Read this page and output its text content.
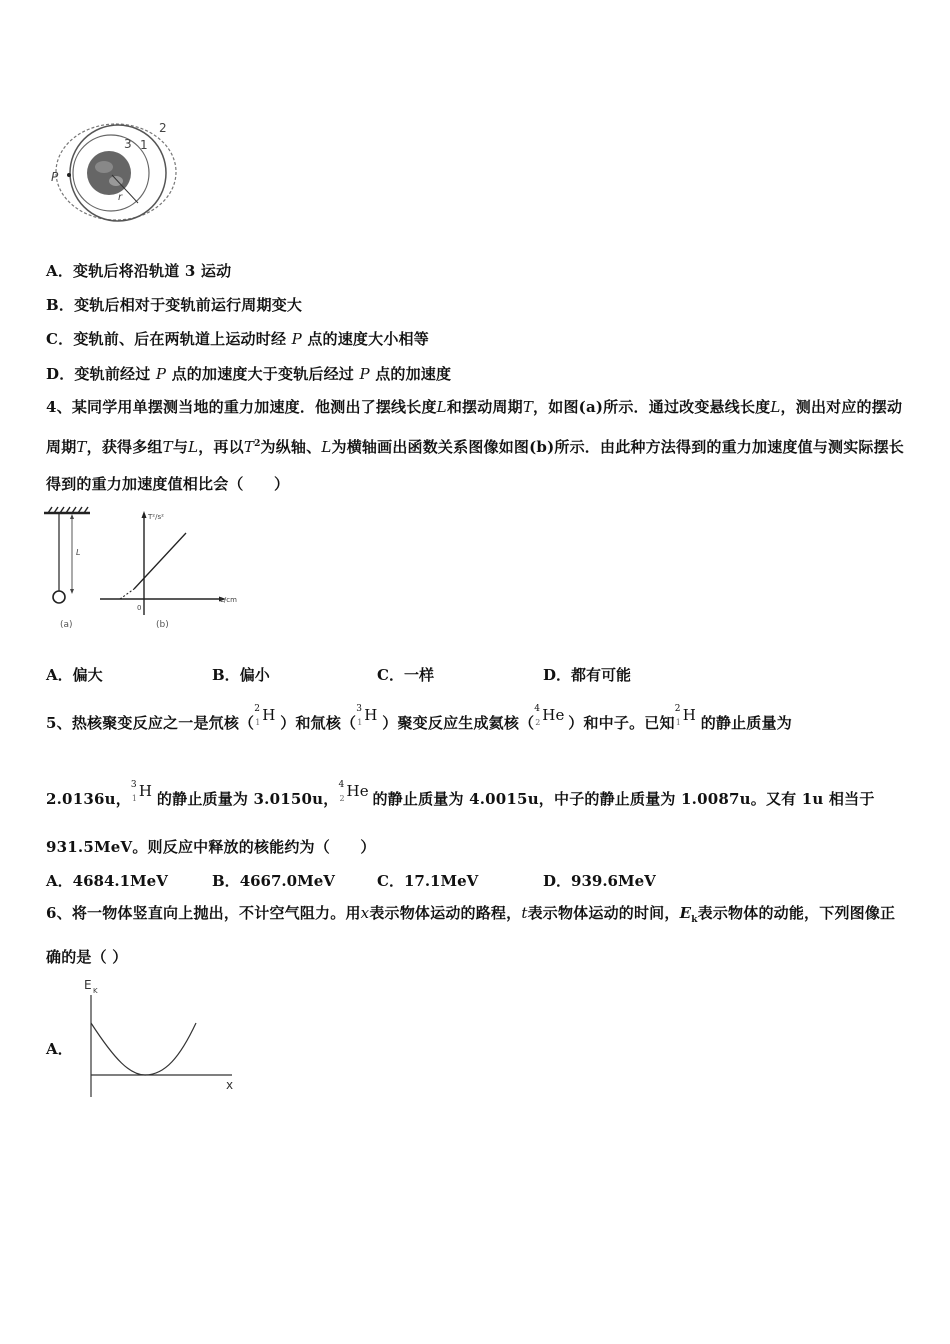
P
1
2
3
r
A．变轨后将沿轨道 3 运动
B．变轨后相对于变轨前运行周期变大
C．变轨前、后在两轨道上运动时经 P 点的速度大小相等
D．变轨前经过 P 点的加速度大于变轨后经过 P 点的加速度
4、某同学用单摆测当地的重力加速度．他测出了摆线长度L和摆动周期T，如图(a)所示．通过改变悬线长度L，测出对应的摆动周期T，获得多组T与L，再以$T^2$为纵轴、L为横轴画出函数关系图像如图(b)所示．由此种方法得到的重力加速度值与测实际摆长得到的重力加速度值相比会（　　）
L
(a)
T²/s²
L/cm
0
(b)
A．偏大	B．偏小	C．一样	D．都有可能
5、热核聚变反应之一是氘核（
2
1 H ）和氚核（
3
1 H ）聚变反应生成氦核（
4
2 He ）和中子。已知
2
1 H 的静止质量为
2.0136u，
3
1 H 的静止质量为 3.0150u，
4
2 He 的静止质量为 4.0015u，中子的静止质量为 1.0087u。又有 1u 相当于
931.5MeV。则反应中释放的核能约为（　　）
A．4684.1MeV	B．4667.0MeV	C．17.1MeV	D．939.6MeV
6、将一物体竖直向上抛出，不计空气阻力。用x表示物体运动的路程，t表示物体运动的时间，$E_k$表示物体的动能，下列图像正确的是（ ）
A．
E K
x
